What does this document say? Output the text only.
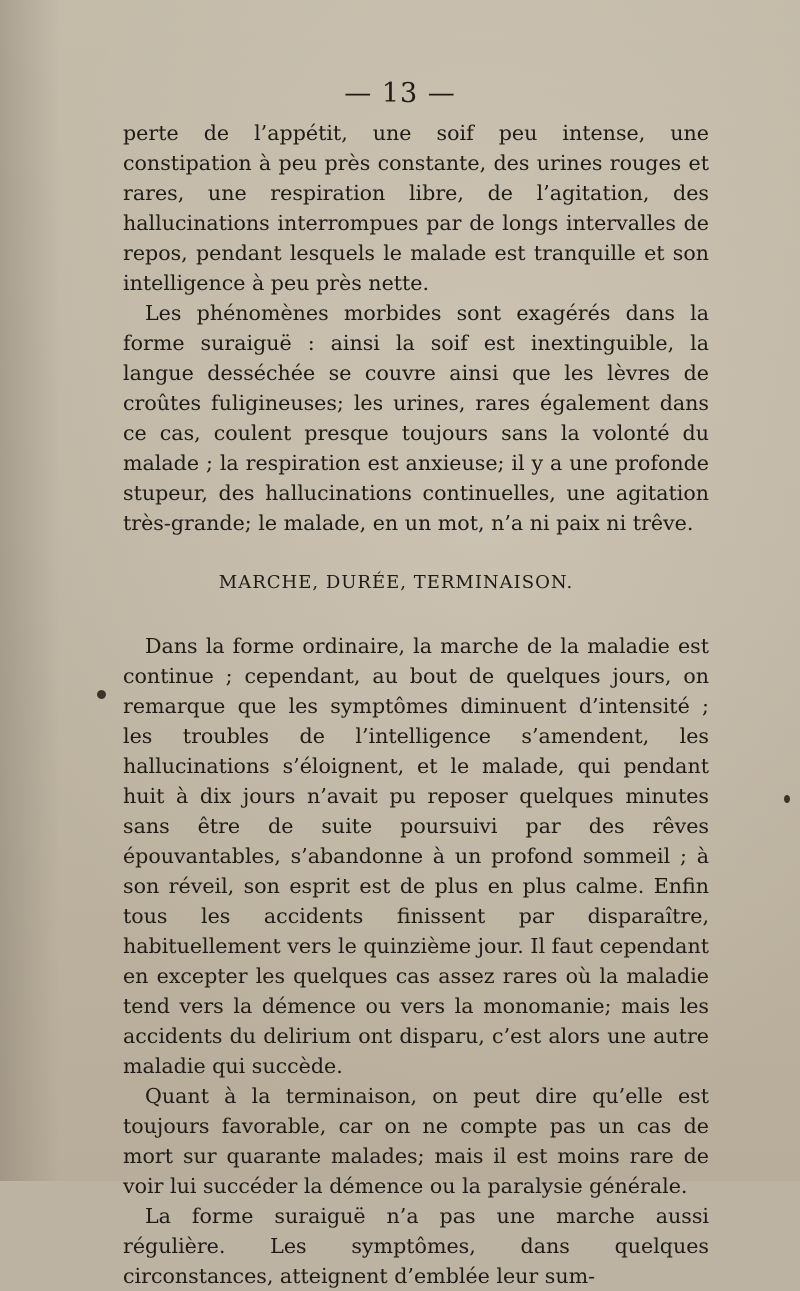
— 13 —

perte de l’appétit, une soif peu intense, une constipation à peu près constante, des urines rouges et rares, une respiration libre, de l’agitation, des hallucinations interrompues par de longs intervalles de repos, pendant lesquels le malade est tranquille et son intelligence à peu près nette.

Les phénomènes morbides sont exagérés dans la forme suraiguë : ainsi la soif est inextinguible, la langue desséchée se couvre ainsi que les lèvres de croûtes fuligineuses; les urines, rares également dans ce cas, coulent presque toujours sans la volonté du malade ; la respiration est anxieuse; il y a une profonde stupeur, des hallucinations continuelles, une agitation très-grande; le malade, en un mot, n’a ni paix ni trêve.

MARCHE, DURÉE, TERMINAISON.

Dans la forme ordinaire, la marche de la maladie est continue ; cependant, au bout de quelques jours, on remarque que les symptômes diminuent d’intensité ; les troubles de l’intelligence s’amendent, les hallucinations s’éloignent, et le malade, qui pendant huit à dix jours n’avait pu reposer quelques minutes sans être de suite poursuivi par des rêves épouvantables, s’abandonne à un profond sommeil ; à son réveil, son esprit est de plus en plus calme. Enfin tous les accidents finissent par disparaître, habituellement vers le quinzième jour. Il faut cependant en excepter les quelques cas assez rares où la maladie tend vers la démence ou vers la monomanie; mais les accidents du delirium ont disparu, c’est alors une autre maladie qui succède.

Quant à la terminaison, on peut dire qu’elle est toujours favorable, car on ne compte pas un cas de mort sur quarante malades; mais il est moins rare de voir lui succéder la démence ou la paralysie générale.

La forme suraiguë n’a pas une marche aussi régulière. Les symptômes, dans quelques circonstances, atteignent d’emblée leur sum-
